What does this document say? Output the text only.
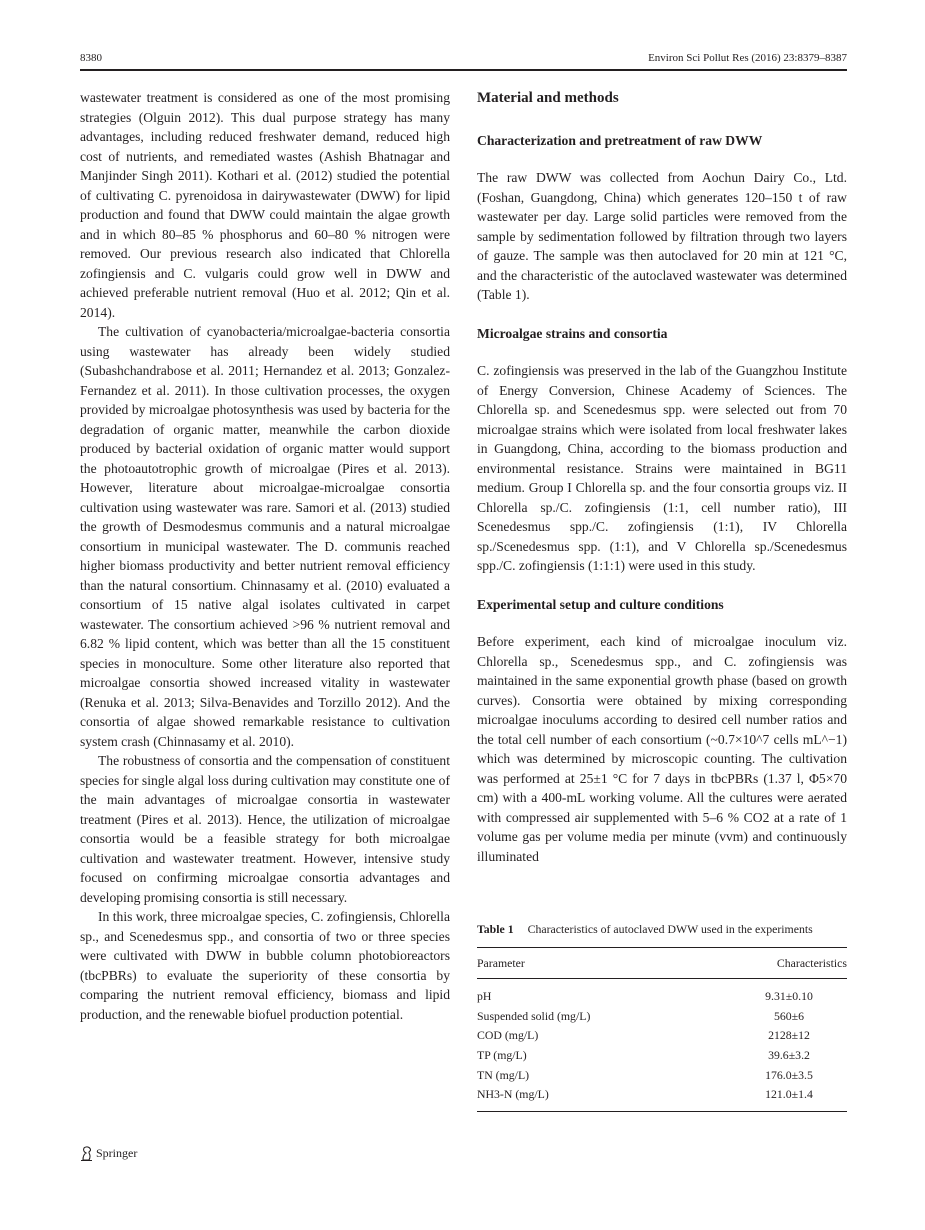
8380	Environ Sci Pollut Res (2016) 23:8379–8387

wastewater treatment is considered as one of the most promising strategies (Olguin 2012). This dual purpose strategy has many advantages, including reduced freshwater demand, reduced high cost of nutrients, and remediated wastes (Ashish Bhatnagar and Manjinder Singh 2011). Kothari et al. (2012) studied the potential of cultivating C. pyrenoidosa in dairywastewater (DWW) for lipid production and found that DWW could maintain the algae growth and in which 80–85 % phosphorus and 60–80 % nitrogen were removed. Our previous research also indicated that Chlorella zofingiensis and C. vulgaris could grow well in DWW and achieved preferable nutrient removal (Huo et al. 2012; Qin et al. 2014).

The cultivation of cyanobacteria/microalgae-bacteria consortia using wastewater has already been widely studied (Subashchandrabose et al. 2011; Hernandez et al. 2013; Gonzalez-Fernandez et al. 2011). In those cultivation processes, the oxygen provided by microalgae photosynthesis was used by bacteria for the degradation of organic matter, meanwhile the carbon dioxide produced by bacterial oxidation of organic matter would support the photoautotrophic growth of microalgae (Pires et al. 2013). However, literature about microalgae-microalgae consortia cultivation using wastewater was rare. Samori et al. (2013) studied the growth of Desmodesmus communis and a natural microalgae consortium in municipal wastewater. The D. communis reached higher biomass productivity and better nutrient removal efficiency than the natural consortium. Chinnasamy et al. (2010) evaluated a consortium of 15 native algal isolates cultivated in carpet wastewater. The consortium achieved >96 % nutrient removal and 6.82 % lipid content, which was better than all the 15 constituent species in monoculture. Some other literature also reported that microalgae consortia showed increased vitality in wastewater (Renuka et al. 2013; Silva-Benavides and Torzillo 2012). And the consortia of algae showed remarkable resistance to cultivation system crash (Chinnasamy et al. 2010).

The robustness of consortia and the compensation of constituent species for single algal loss during cultivation may constitute one of the main advantages of microalgae consortia in wastewater treatment (Pires et al. 2013). Hence, the utilization of microalgae consortia would be a feasible strategy for both microalgae cultivation and wastewater treatment. However, intensive study focused on confirming microalgae consortia advantages and developing promising consortia is still necessary.

In this work, three microalgae species, C. zofingiensis, Chlorella sp., and Scenedesmus spp., and consortia of two or three species were cultivated with DWW in bubble column photobioreactors (tbcPBRs) to evaluate the superiority of these consortia by comparing the nutrient removal efficiency, biomass and lipid production, and the renewable biofuel production potential.

Material and methods
Characterization and pretreatment of raw DWW

The raw DWW was collected from Aochun Dairy Co., Ltd. (Foshan, Guangdong, China) which generates 120–150 t of raw wastewater per day. Large solid particles were removed from the sample by sedimentation followed by filtration through two layers of gauze. The sample was then autoclaved for 20 min at 121 °C, and the characteristic of the autoclaved wastewater was determined (Table 1).

Microalgae strains and consortia

C. zofingiensis was preserved in the lab of the Guangzhou Institute of Energy Conversion, Chinese Academy of Sciences. The Chlorella sp. and Scenedesmus spp. were selected out from 70 microalgae strains which were isolated from local freshwater lakes in Guangdong, China, according to the biomass production and environmental resistance. Strains were maintained in BG11 medium. Group I Chlorella sp. and the four consortia groups viz. II Chlorella sp./C. zofingiensis (1:1, cell number ratio), III Scenedesmus spp./C. zofingiensis (1:1), IV Chlorella sp./Scenedesmus spp. (1:1), and V Chlorella sp./Scenedesmus spp./C. zofingiensis (1:1:1) were used in this study.

Experimental setup and culture conditions

Before experiment, each kind of microalgae inoculum viz. Chlorella sp., Scenedesmus spp., and C. zofingiensis was maintained in the same exponential growth phase (based on growth curves). Consortia were obtained by mixing corresponding microalgae inoculums according to desired cell number ratios and the total cell number of each consortium (~0.7×10^7 cells mL^−1) which was determined by microscopic counting. The cultivation was performed at 25±1 °C for 7 days in tbcPBRs (1.37 l, Φ5×70 cm) with a 400-mL working volume. All the cultures were aerated with compressed air supplemented with 5–6 % CO2 at a rate of 1 volume gas per volume media per minute (vvm) and continuously illuminated

Table 1 Characteristics of autoclaved DWW used in the experiments
Parameter	Characteristics
pH	9.31±0.10
Suspended solid (mg/L)	560±6
COD (mg/L)	2128±12
TP (mg/L)	39.6±3.2
TN (mg/L)	176.0±3.5
NH3-N (mg/L)	121.0±1.4
Springer
